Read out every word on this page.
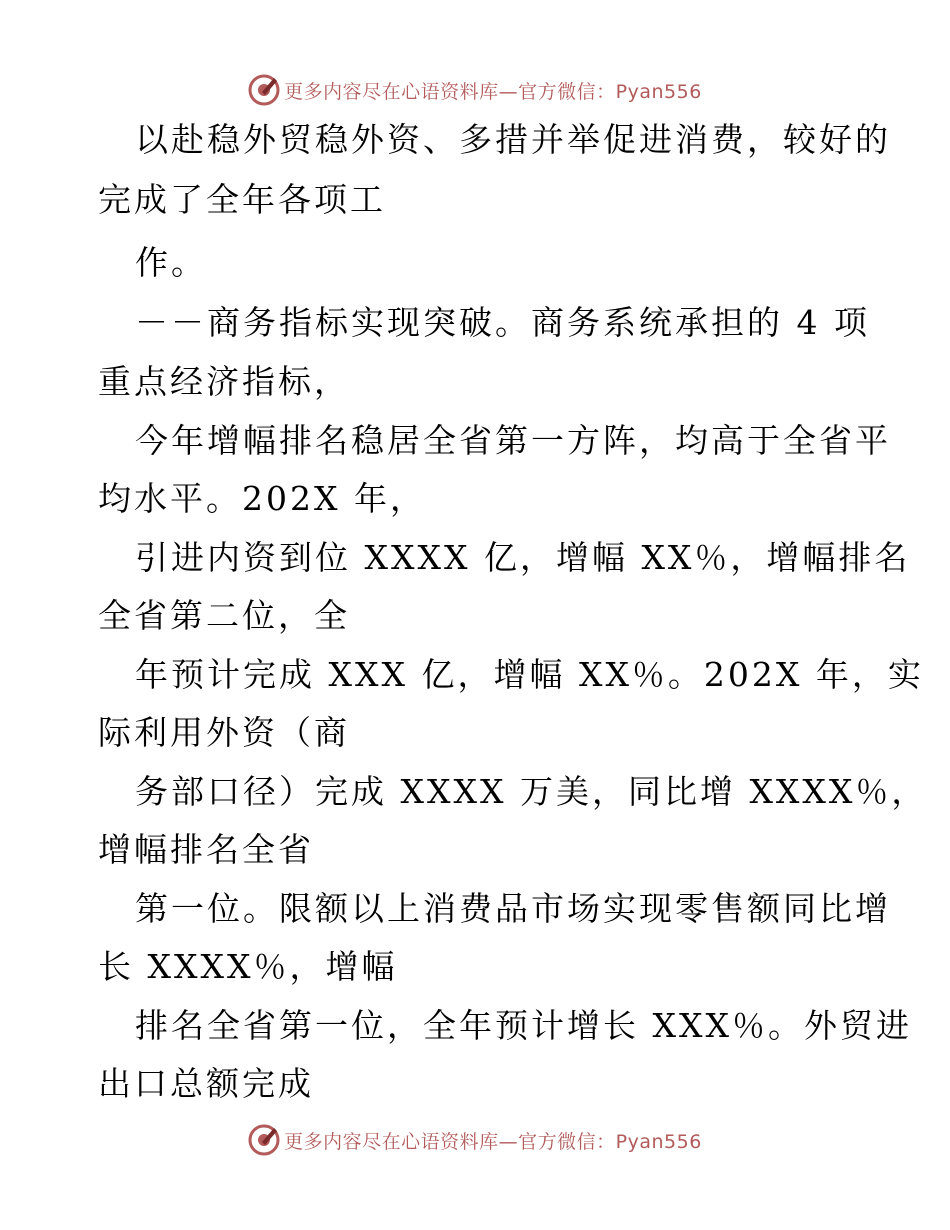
更多内容尽在心语资料库—官方微信：Pyan556
以赴稳外贸稳外资、多措并举促进消费，较好的
完成了全年各项工
作。
－－商务指标实现突破。商务系统承担的 4 项
重点经济指标，
今年增幅排名稳居全省第一方阵，均高于全省平
均水平。202X 年，
引进内资到位 XXXX 亿，增幅 XX％，增幅排名
全省第二位，全
年预计完成 XXX 亿，增幅 XX％。202X 年，实
际利用外资（商
务部口径）完成 XXXX 万美，同比增 XXXX％，
增幅排名全省
第一位。限额以上消费品市场实现零售额同比增
长 XXXX％，增幅
排名全省第一位，全年预计增长 XXX％。外贸进
出口总额完成
更多内容尽在心语资料库—官方微信：Pyan556
